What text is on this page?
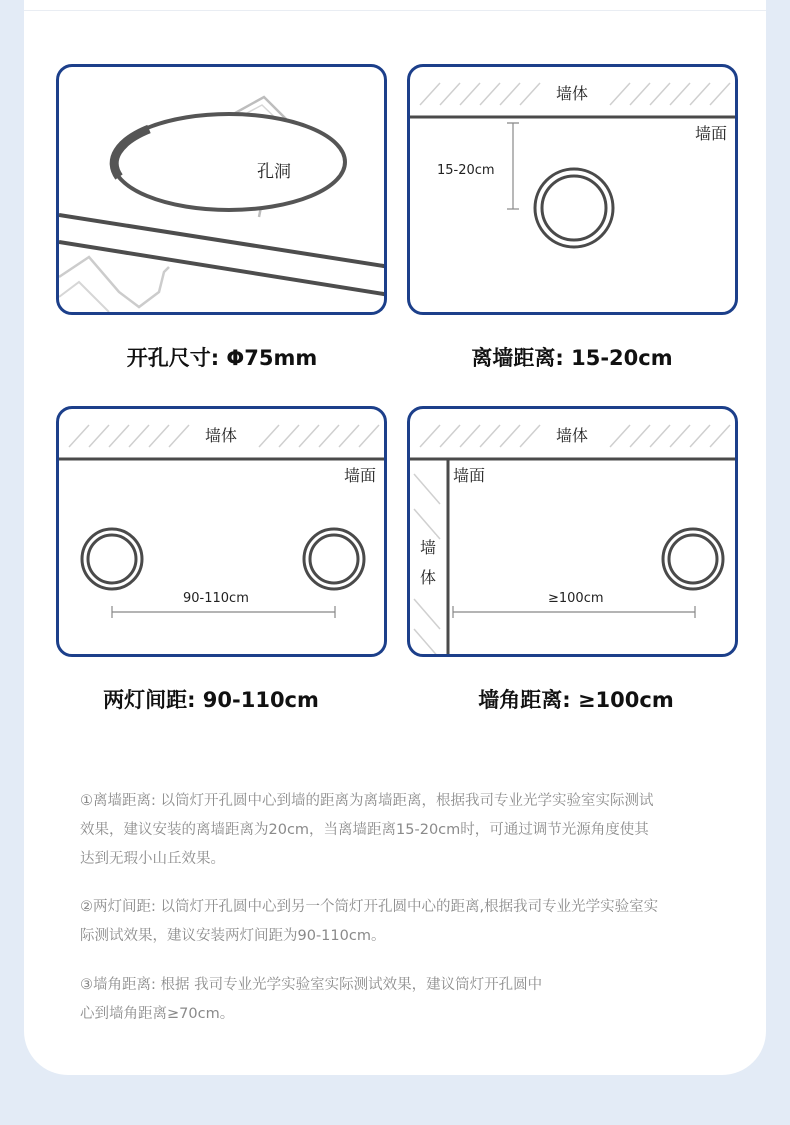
孔洞
开孔尺寸: Φ75mm
墙体
墙面
15-20cm
离墙距离: 15-20cm
墙体
墙面
90-110cm
两灯间距: 90-110cm
墙体
墙面
墙
体
≥100cm
墙角距离: ≥100cm
①离墙距离: 以筒灯开孔圆中心到墙的距离为离墙距离，根据我司专业光学实验室实际测试
效果，建议安装的离墙距离为20cm，当离墙距离15-20cm时，可通过调节光源角度使其
达到无瑕小山丘效果。
②两灯间距: 以筒灯开孔圆中心到另一个筒灯开孔圆中心的距离,根据我司专业光学实验室实
际测试效果，建议安装两灯间距为90-110cm。
③墙角距离: 根据 我司专业光学实验室实际测试效果，建议筒灯开孔圆中
心到墙角距离≥70cm。
